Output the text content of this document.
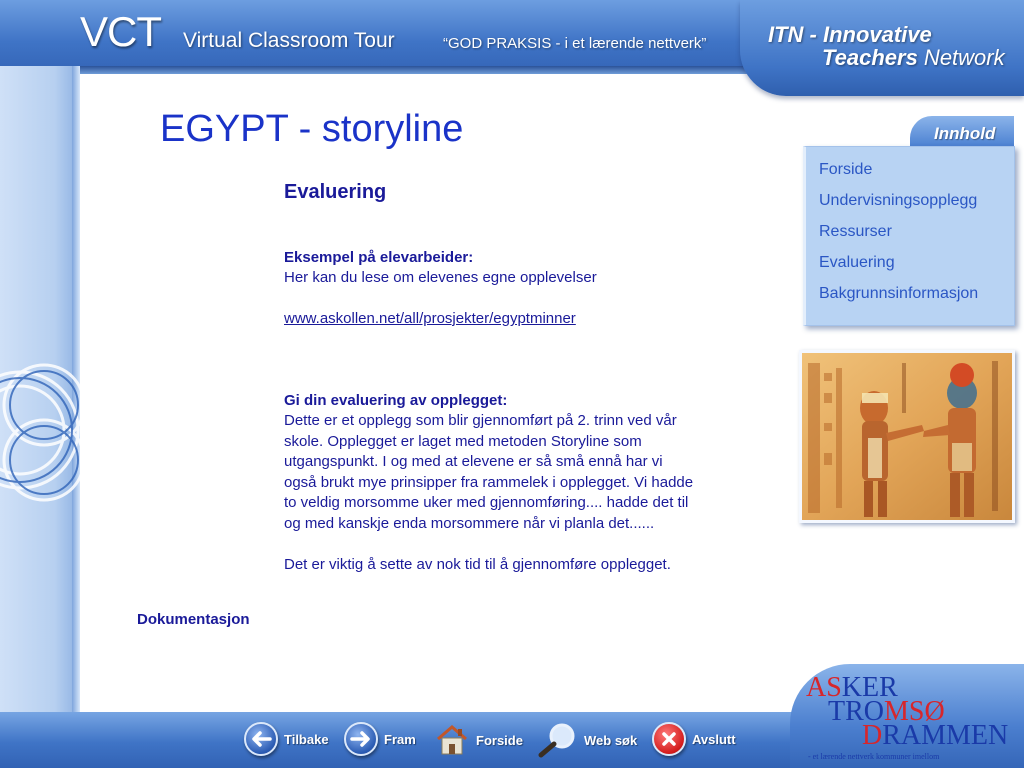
VCT Virtual Classroom Tour	“GOD PRAKSIS - i et lærende nettverk”	ITN - Innovative
Teachers Network
EGYPT - storyline
Evaluering
Eksempel på elevarbeider:
Her kan du lese om elevenes egne opplevelser
www.askollen.net/all/prosjekter/egyptminner
Gi din evaluering av opplegget:
Dette er et opplegg som blir gjennomført på 2. trinn ved vår
skole. Opplegget er laget med metoden Storyline som
utgangspunkt. I og med at elevene er så små ennå har vi
også brukt mye prinsipper fra rammelek i opplegget. Vi hadde
to veldig morsomme uker med gjennomføring.... hadde det til
og med kanskje enda morsommere når vi planla det......
Det er viktig å sette av nok tid til å gjennomføre opplegget.
Dokumentasjon
Innhold
Forside
Undervisningsopplegg
Ressurser
Evaluering
Bakgrunnsinformasjon
ASKER
TROMSØ
DRAMMEN
- et lærende nettverk kommuner imellom
Tilbake	Fram	Forside	Web søk	Avslutt
